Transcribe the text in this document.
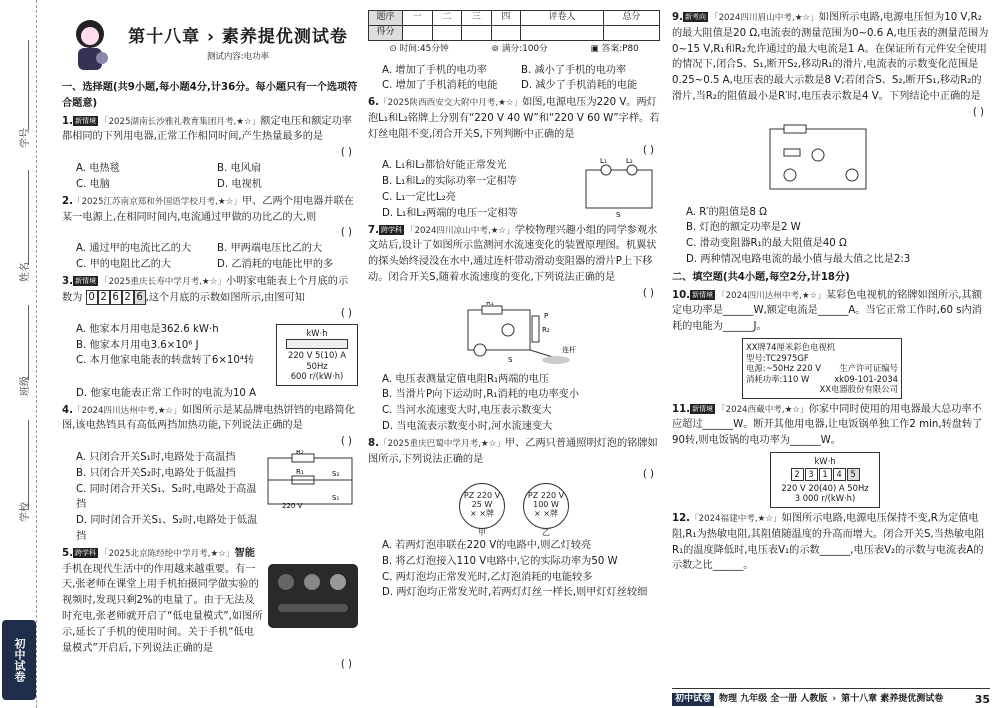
学号
姓名
班级
学校
初中试卷
第十八章 › 素养提优测试卷
测试内容:电功率
一、选择题(共9小题,每小题4分,计36分。每小题只有一个选项符合题意)
1. 新情境 「2025湖南长沙雅礼教育集团月考,★☆」额定电压和额定功率都相同的下列用电器,正常工作相同时间,产生热量最多的是
( )
A. 电热毯	B. 电风扇
C. 电脑	D. 电视机
2.「2025江苏南京郑和外国语学校月考,★☆」甲、乙两个用电器并联在某一电源上,在相同时间内,电流通过甲做的功比乙的大,则
( )
A. 通过甲的电流比乙的大	B. 甲两端电压比乙的大
C. 甲的电阻比乙的大	D. 乙消耗的电能比甲的多
3. 新情境 「2025重庆长寿中学月考,★☆」小明家电能表上个月底的示数为 0 2 6 2 6 ,这个月底的示数如图所示,由图可知
( )
A. 他家本月用电是362.6 kW·h
B. 他家本月用电3.6×10⁶ J
C. 本月他家电能表的转盘转了6×10⁴转
kW·h
220 V 5(10) A 50Hz
600 r/(kW·h)
D. 他家电能表正常工作时的电流为10 A
4.「2024四川达州中考,★☆」如图所示是某品牌电热饼铛的电路简化图,该电热铛具有高低两挡加热功能,下列说法正确的是
( )
A. 只闭合开关S₁时,电路处于高温挡
B. 只闭合开关S₂时,电路处于低温挡
C. 同时闭合开关S₁、S₂时,电路处于高温挡
D. 同时闭合开关S₁、S₂时,电路处于低温挡
R₂
R₁	S₂
S₁
220 V
5. 跨学科 「2025北京陈经纶中学月考,★☆」智能
手机在现代生活中的作用越来越重要。有一天,张老师在课堂上用手机拍摄同学做实验的视频时,发现只剩2%的电量了。由于无法及时充电,张老师就开启了“低电量模式”,如图所示,延长了手机的使用时间。关于手机“低电量模式”开启后,下列说法正确的是
( )
题序	一	二	三	四	评卷人	总分
得分						
⊙ 时间:45分钟	⊚ 满分:100分	▣ 答案:P80
A. 增加了手机的电功率	B. 减小了手机的电功率
C. 增加了手机消耗的电能	D. 减少了手机消耗的电能
6.「2025陕西西安交大附中月考,★☆」如图,电源电压为220 V。两灯泡L₁和L₂铭牌上分别有“220 V 40 W”和“220 V 60 W”字样。若灯丝电阻不变,闭合开关S,下列判断中正确的是
( )
A. L₁和L₂都恰好能正常发光
B. L₁和L₂的实际功率一定相等
C. L₁一定比L₂亮
D. L₁和L₂两端的电压一定相等
L₁	L₂
S
7. 跨学科 「2024四川凉山中考,★☆」学校物理兴趣小组的同学参观水文站后,设计了如图所示监测河水流速变化的装置原理图。机翼状的探头始终浸没在水中,通过连杆带动滑动变阻器的滑片P上下移动。闭合开关S,随着水流速度的变化,下列说法正确的是
( )
R₁
R₂
P
连杆
S
A. 电压表测量定值电阻R₁两端的电压
B. 当滑片P向下运动时,R₁消耗的电功率变小
C. 当河水流速变大时,电压表示数变大
D. 当电流表示数变小时,河水流速变大
8.「2025重庆巴蜀中学月考,★☆」甲、乙两只普通照明灯泡的铭牌如图所示,下列说法正确的是
( )
PZ 220 V
25 W
× ×牌
甲
PZ 220 V
100 W
× ×牌
乙
A. 若两灯泡串联在220 V的电路中,则乙灯较亮
B. 将乙灯泡接入110 V电路中,它的实际功率为50 W
C. 两灯泡均正常发光时,乙灯泡消耗的电能较多
D. 两灯泡均正常发光时,若两灯灯丝一样长,则甲灯灯丝较细
9. 新考向 「2024四川眉山中考,★☆」如图所示电路,电源电压恒为10 V,R₂的最大阻值是20 Ω,电流表的测量范围为0~0.6 A,电压表的测量范围为0~15 V,R₁和R₂允许通过的最大电流是1 A。在保证所有元件安全使用的情况下,闭合S、S₁,断开S₂,移动R₁的滑片,电流表的示数变化范围是0.25~0.5 A,电压表的最大示数是8 V;若闭合S、S₂,断开S₁,移动R₂的滑片,当R₂的阻值最小是R′时,电压表示数是4 V。下列结论中正确的是
( )
A. R′的阻值是8 Ω
B. 灯泡的额定功率是2 W
C. 滑动变阻器R₁的最大阻值是40 Ω
D. 两种情况电路电流的最小值与最大值之比是2:3
二、填空题(共4小题,每空2分,计18分)
10. 新情境 「2024四川达州中考,★☆」某彩色电视机的铭牌如图所示,其额定电功率是______W,额定电流是______A。当它正常工作时,60 s内消耗的电能为______J。
XX牌74厘米彩色电视机
型号:TC2975GF
电源:~50Hz 220 V 生产许可证编号
消耗功率:110 W	xk09-101-2034
XX电器股份有限公司
11. 新情境 「2024西藏中考,★☆」你家中同时使用的用电器最大总功率不应超过______W。断开其他用电器,让电饭锅单独工作2 min,转盘转了90转,则电饭锅的电功率为______W。
kW·h
2	3	1	4	5
220 V 20(40) A 50Hz
3 000 r/(kW·h)
12.「2024福建中考,★☆」如图所示电路,电源电压保持不变,R为定值电阻,R₁为热敏电阻,其阻值随温度的升高而增大。闭合开关S,当热敏电阻R₁的温度降低时,电压表V₁的示数______,电压表V₂的示数与电流表A的示数之比______。
初中试卷 物理 九年级 全一册 人教版 › 第十八章 素养提优测试卷	35
